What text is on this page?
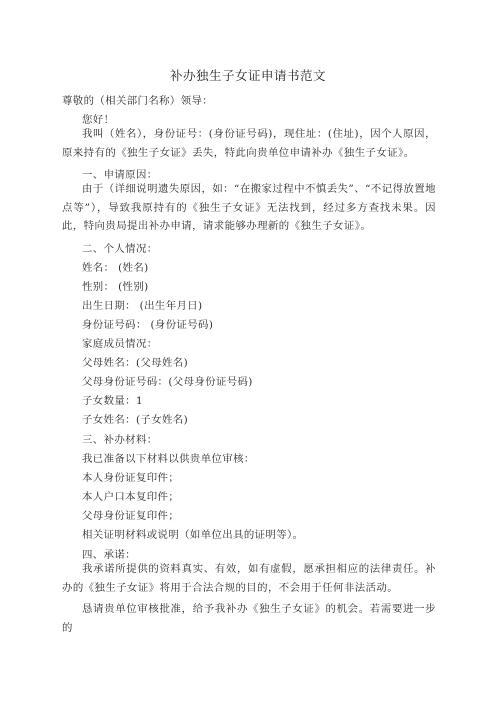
补办独生子女证申请书范文
尊敬的（相关部门名称）领导：
您好！
我叫（姓名），身份证号：(身份证号码)，现住址：(住址)，因个人原因，原来持有的《独生子女证》丢失，特此向贵单位申请补办《独生子女证》。
一、申请原因：
由于（详细说明遗失原因，如：“在搬家过程中不慎丢失”、“不记得放置地点等”），导致我原持有的《独生子女证》无法找到，经过多方查找未果。因此，特向贵局提出补办申请，请求能够办理新的《独生子女证》。
二、个人情况：
姓名： (姓名)
性别： (性别)
出生日期： (出生年月日)
身份证号码： (身份证号码)
家庭成员情况：
父母姓名：(父母姓名)
父母身份证号码：(父母身份证号码)
子女数量：1
子女姓名：(子女姓名)
三、补办材料：
我已准备以下材料以供贵单位审核：
本人身份证复印件；
本人户口本复印件；
父母身份证复印件；
相关证明材料或说明（如单位出具的证明等）。
四、承诺：
我承诺所提供的资料真实、有效，如有虚假，愿承担相应的法律责任。补办的《独生子女证》将用于合法合规的目的，不会用于任何非法活动。
恳请贵单位审核批准，给予我补办《独生子女证》的机会。若需要进一步的
